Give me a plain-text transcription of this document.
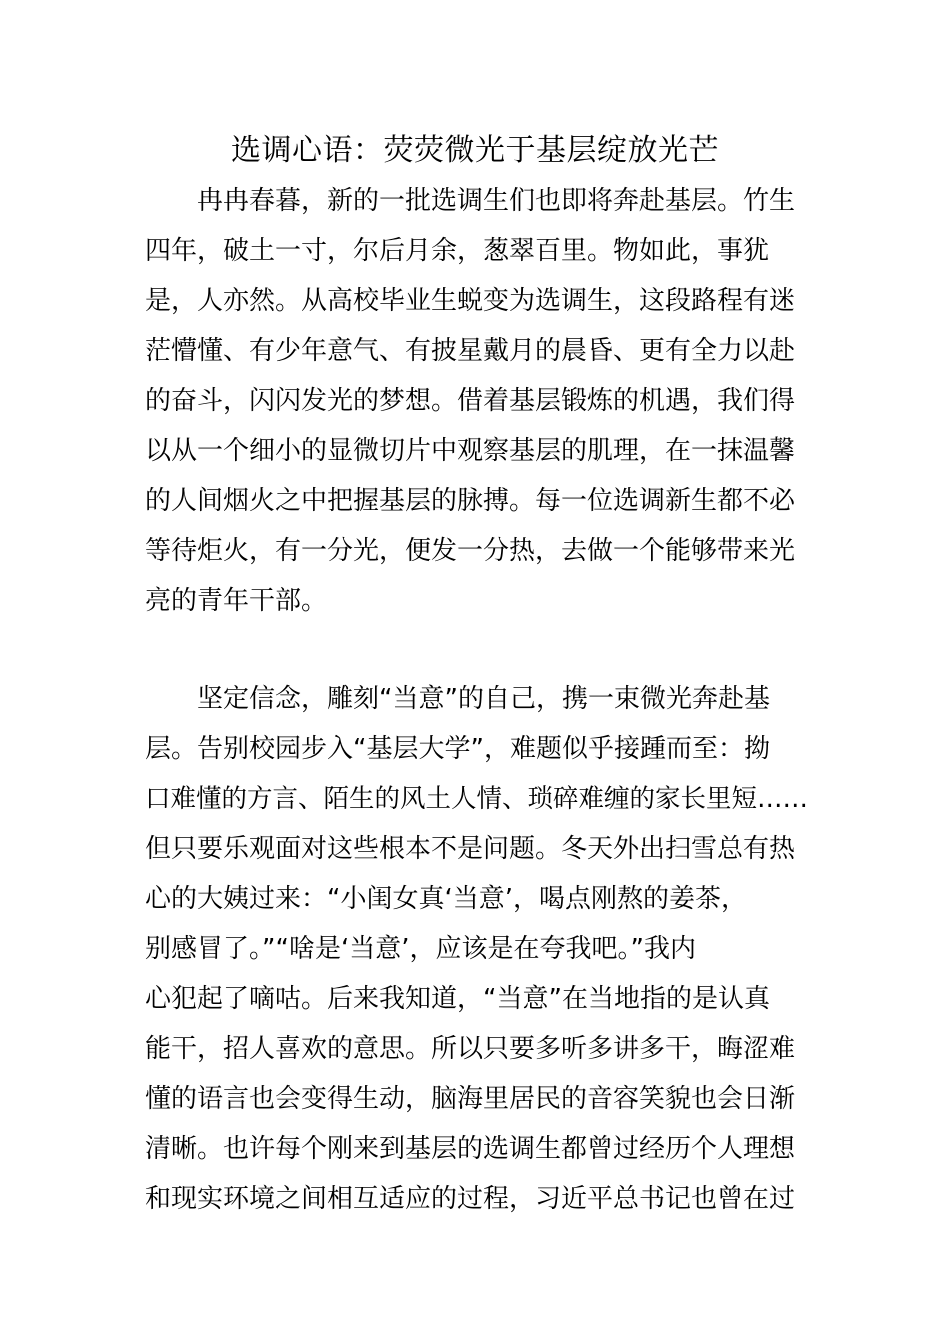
选调心语：荧荧微光于基层绽放光芒

冉冉春暮，新的一批选调生们也即将奔赴基层。竹生

四年，破土一寸，尔后月余，葱翠百里。物如此，事犹

是，人亦然。从高校毕业生蜕变为选调生，这段路程有迷

茫懵懂、有少年意气、有披星戴月的晨昏、更有全力以赴

的奋斗，闪闪发光的梦想。借着基层锻炼的机遇，我们得

以从一个细小的显微切片中观察基层的肌理，在一抹温馨

的人间烟火之中把握基层的脉搏。每一位选调新生都不必

等待炬火，有一分光，便发一分热，去做一个能够带来光

亮的青年干部。

坚定信念，雕刻“当意”的自己，携一束微光奔赴基

层。告别校园步入“基层大学”，难题似乎接踵而至：拗

口难懂的方言、陌生的风土人情、琐碎难缠的家长里短……

但只要乐观面对这些根本不是问题。冬天外出扫雪总有热

心的大姨过来：“小闺女真‘当意’，喝点刚熬的姜茶，

别感冒了。”“啥是‘当意’，应该是在夸我吧。”我内

心犯起了嘀咕。后来我知道，“当意”在当地指的是认真

能干，招人喜欢的意思。所以只要多听多讲多干，晦涩难

懂的语言也会变得生动，脑海里居民的音容笑貌也会日渐

清晰。也许每个刚来到基层的选调生都曾过经历个人理想

和现实环境之间相互适应的过程，习近平总书记也曾在过
